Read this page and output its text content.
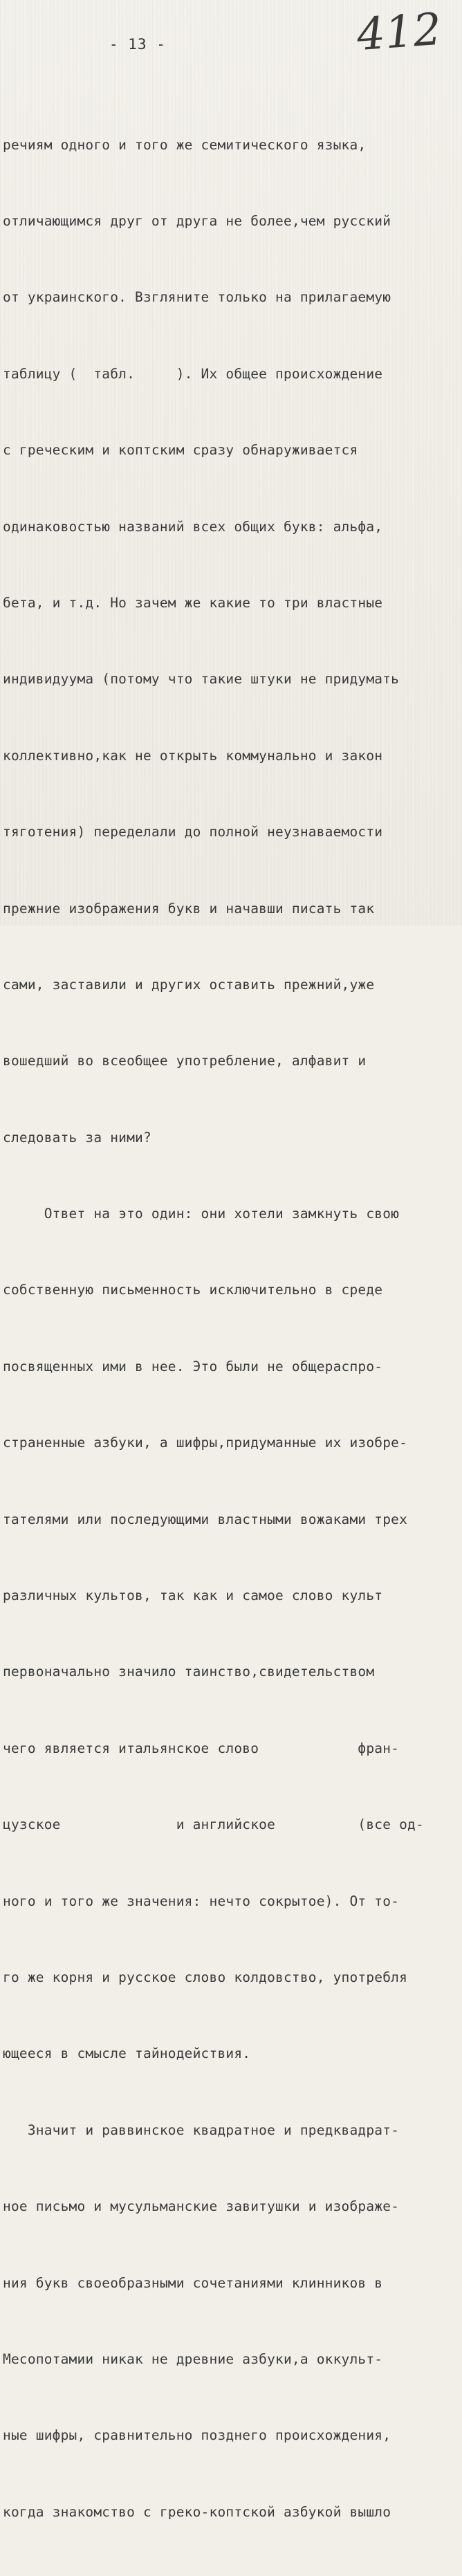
- 13 -	412

речиям одного и того же семитического языка,

отличающимся друг от друга не более,чем русский

от украинского. Взгляните только на прилагаемую

таблицу (  табл.     ). Их общее происхождение

с греческим и коптским сразу обнаруживается

одинаковостью названий всех общих букв: альфа,

бета, и т.д. Но зачем же какие то три властные

индивидуума (потому что такие штуки не придумать

коллективно,как не открыть коммунально и закон

тяготения) переделали до полной неузнаваемости

прежние изображения букв и начавши писать так

сами, заставили и других оставить прежний,уже

вошедший во всеобщее употребление, алфавит и

следовать за ними?

Ответ на это один: они хотели замкнуть свою

собственную письменность исключительно в среде

посвященных ими в нее. Это были не общераспро-

страненные азбуки, а шифры,придуманные их изобре-

тателями или последующими властными вожаками трех

различных культов, так как и самое слово культ

первоначально значило таинство,свидетельством

чего является итальянское слово            фран-

цузское              и английское          (все од-

ного и того же значения: нечто сокрытое). От то-

го же корня и русское слово колдовство, употребля

ющееся в смысле тайнодействия.

Значит и раввинское квадратное и предквадрат-

ное письмо и мусульманские завитушки и изображе-

ния букв своеобразными сочетаниями клинников в

Месопотамии никак не древние азбуки,а оккульт-

ные шифры, сравнительно позднего происхождения,

когда знакомство с греко-коптской азбукой вышло
